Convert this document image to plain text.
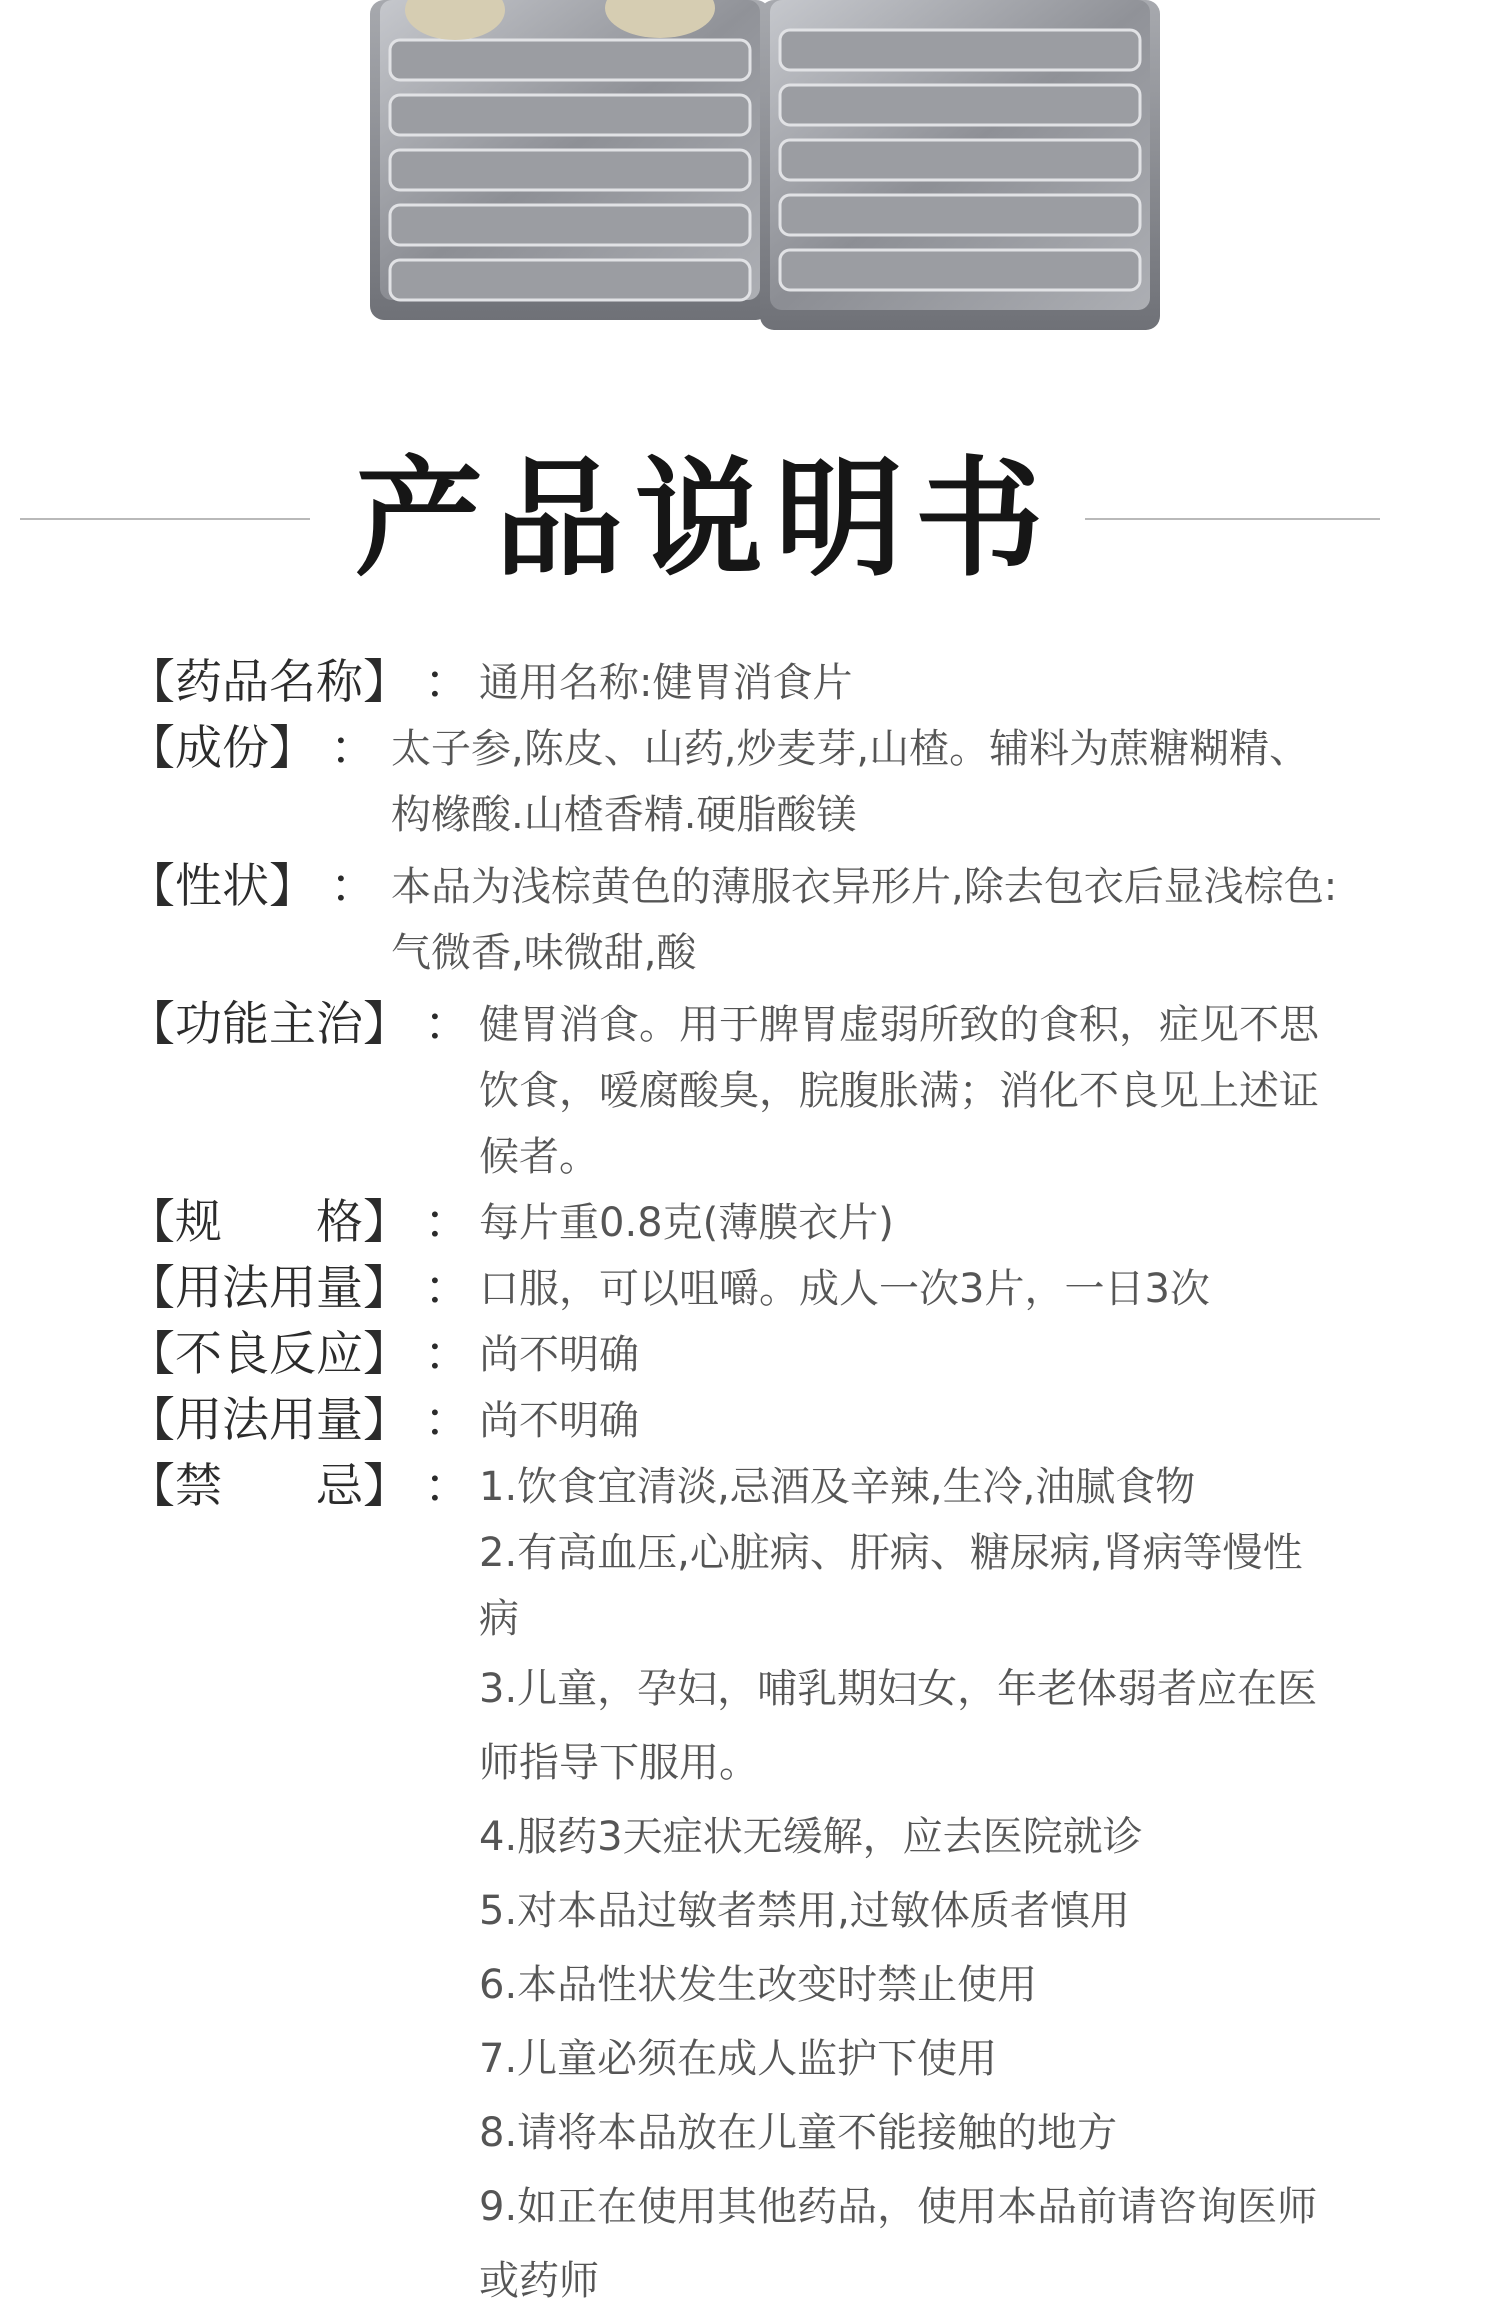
产品说明书
【药品名称】 ： 通用名称:健胃消食片
【成份】 ： 太子参,陈皮、山药,炒麦芽,山楂。辅料为蔗糖糊精、构橼酸.山楂香精.硬脂酸镁
【性状】 ： 本品为浅棕黄色的薄服衣异形片,除去包衣后显浅棕色:气微香,味微甜,酸
【功能主治】 ： 健胃消食。用于脾胃虚弱所致的食积，症见不思饮食，嗳腐酸臭，脘腹胀满；消化不良见上述证候者。
【规　　格】 ： 每片重0.8克(薄膜衣片)
【用法用量】 ： 口服，可以咀嚼。成人一次3片，一日3次
【不良反应】 ： 尚不明确
【用法用量】 ： 尚不明确
【禁　　忌】 ： 1.饮食宜清淡,忌酒及辛辣,生冷,油腻食物
2.有高血压,心脏病、肝病、糖尿病,肾病等慢性病
3.儿童，孕妇，哺乳期妇女，年老体弱者应在医师指导下服用。
4.服药3天症状无缓解，应去医院就诊
5.对本品过敏者禁用,过敏体质者慎用
6.本品性状发生改变时禁止使用
7.儿童必须在成人监护下使用
8.请将本品放在儿童不能接触的地方
9.如正在使用其他药品，使用本品前请咨询医师或药师
